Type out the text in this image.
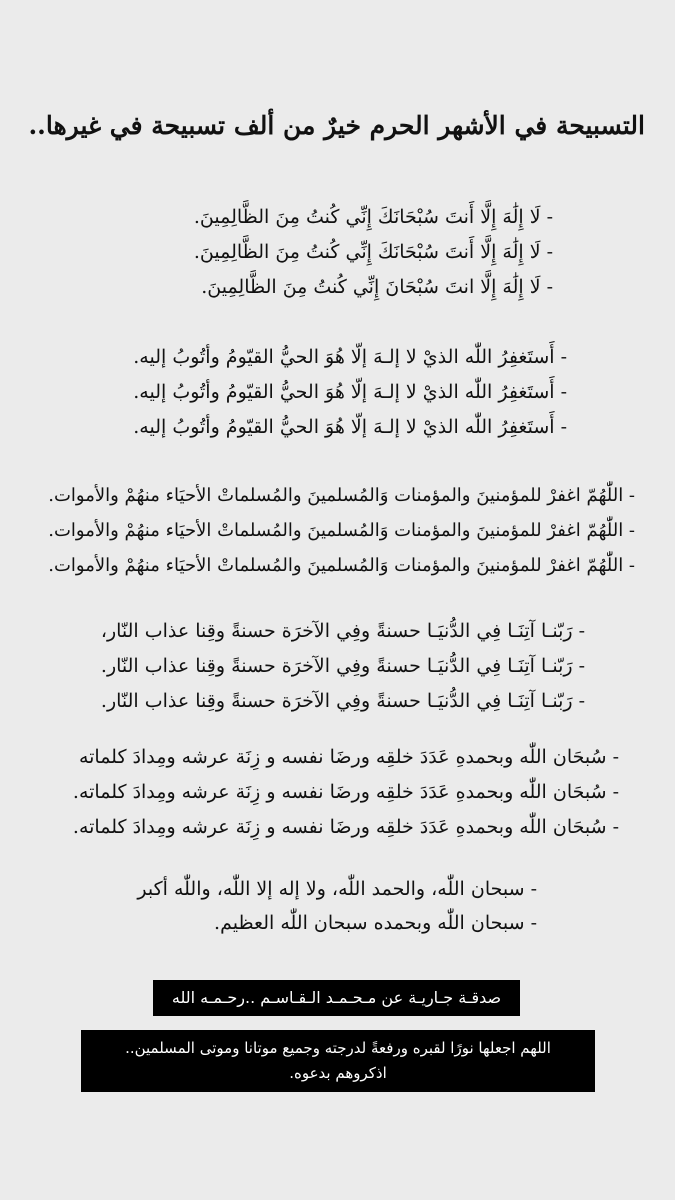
التسبيحة في الأشهر الحرم خيرٌ من ألف تسبيحة في غيرها..
- لَا إِلَٰهَ إِلَّا أَنتَ سُبْحَانَكَ إِنِّي كُنتُ مِنَ الظَّالِمِينَ.
- لَا إِلَٰهَ إِلَّا أَنتَ سُبْحَانَكَ إِنِّي كُنتُ مِنَ الظَّالِمِينَ.
- لَا إِلَٰهَ إِلَّا انتَ سُبْحَانَ إِنِّي كُنتُ مِنَ الظَّالِمِينَ.
- أَستَغفِرُ اللّٰه الذيْ لا إلـهَ إلّا هُوَ الحيُّ القيّومُ وأتُوبُ إليه.
- أَستَغفِرُ اللّٰه الذيْ لا إلـهَ إلّا هُوَ الحيُّ القيّومُ وأتُوبُ إليه.
- أَستَغفِرُ اللّٰه الذيْ لا إلـهَ إلّا هُوَ الحيُّ القيّومُ وأتُوبُ إليه.
- اللّٰهُمّ اغفرْ للمؤمنينَ والمؤمنات وَالمُسلمينَ والمُسلماتْ الأحيَاء منهُمْ والأموات.
- اللّٰهُمّ اغفرْ للمؤمنينَ والمؤمنات وَالمُسلمينَ والمُسلماتْ الأحيَاء منهُمْ والأموات.
- اللّٰهُمّ اغفرْ للمؤمنينَ والمؤمنات وَالمُسلمينَ والمُسلماتْ الأحيَاء منهُمْ والأموات.
- رَبّنـا آتِنَـا فِي الدُّنيَـا حسنةً وفِي الآخرَة حسنةً وقِنا عذاب النّار،
- رَبّنـا آتِنَـا فِي الدُّنيَـا حسنةً وفِي الآخرَة حسنةً وقِنا عذاب النّار.
- رَبّنـا آتِنَـا فِي الدُّنيَـا حسنةً وفِي الآخرَة حسنةً وقِنا عذاب النّار.
- سُبحَان اللّٰه وبحمدهِ عَدَدَ خلقِه ورضَا نفسه و زِنَة عرشه ومِدادَ كلماته
- سُبحَان اللّٰه وبحمدهِ عَدَدَ خلقِه ورضَا نفسه و زِنَة عرشه ومِدادَ كلماته.
- سُبحَان اللّٰه وبحمدهِ عَدَدَ خلقِه ورضَا نفسه و زِنَة عرشه ومِدادَ كلماته.
- سبحان اللّٰه، والحمد اللّٰه، ولا إله إلا اللّٰه، واللّٰه أكبر
- سبحان اللّٰه وبحمده سبحان اللّٰه العظيم.
صدقـة جـاريـة عن مـحـمـد الـقـاسـم ..رحـمـه الله
اللهم اجعلها نورًا لقبره ورفعةً لدرجته وجميع موتانا وموتى المسلمين..
اذكروهم بدعوه.
